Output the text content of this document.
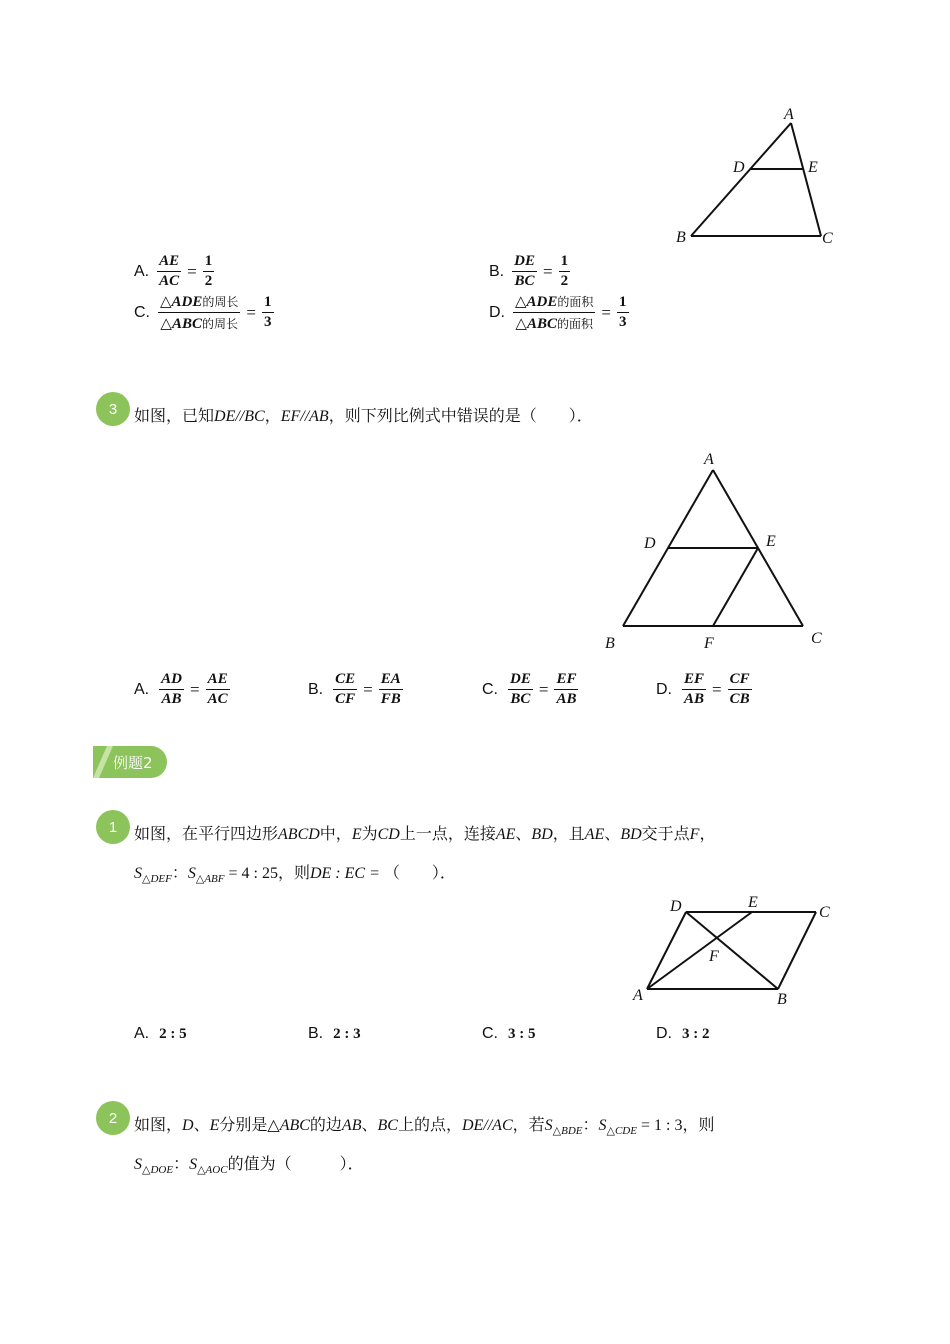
A
D	E
B	C
A. $\frac{AE}{AC} = \frac{1}{2}$	B. $\frac{DE}{BC} = \frac{1}{2}$
C. $\frac{\text{△ADE的周长}}{\text{△ABC的周长}} = \frac{1}{3}$	D. $\frac{\text{△ADE的面积}}{\text{△ABC的面积}} = \frac{1}{3}$
3	如图，已知DE//BC，EF//AB，则下列比例式中错误的是（　　）．
A
D	E
B	F	C
A. $\frac{AD}{AB} = \frac{AE}{AC}$	B. $\frac{CE}{CF} = \frac{EA}{FB}$	C. $\frac{DE}{BC} = \frac{EF}{AB}$	D. $\frac{EF}{AB} = \frac{CF}{CB}$
例题2
1	如图，在平行四边形ABCD中，E为CD上一点，连接AE、BD，且AE、BD交于点F，
$S_{\triangle DEF}$：$S_{\triangle ABF} = 4$ : 25，则DE : EC = （　　）．
D	E
C
F
A	B
A. 2 : 5	B. 2 : 3	C. 3 : 5	D. 3 : 2
2	如图，D、E分别是△ABC的边AB、BC上的点，DE//AC，若$S_{\triangle BDE}$：$S_{\triangle CDE} = 1$ : 3，则
$S_{\triangle DOE}$：$S_{\triangle AOC}$的值为（　　　）．
